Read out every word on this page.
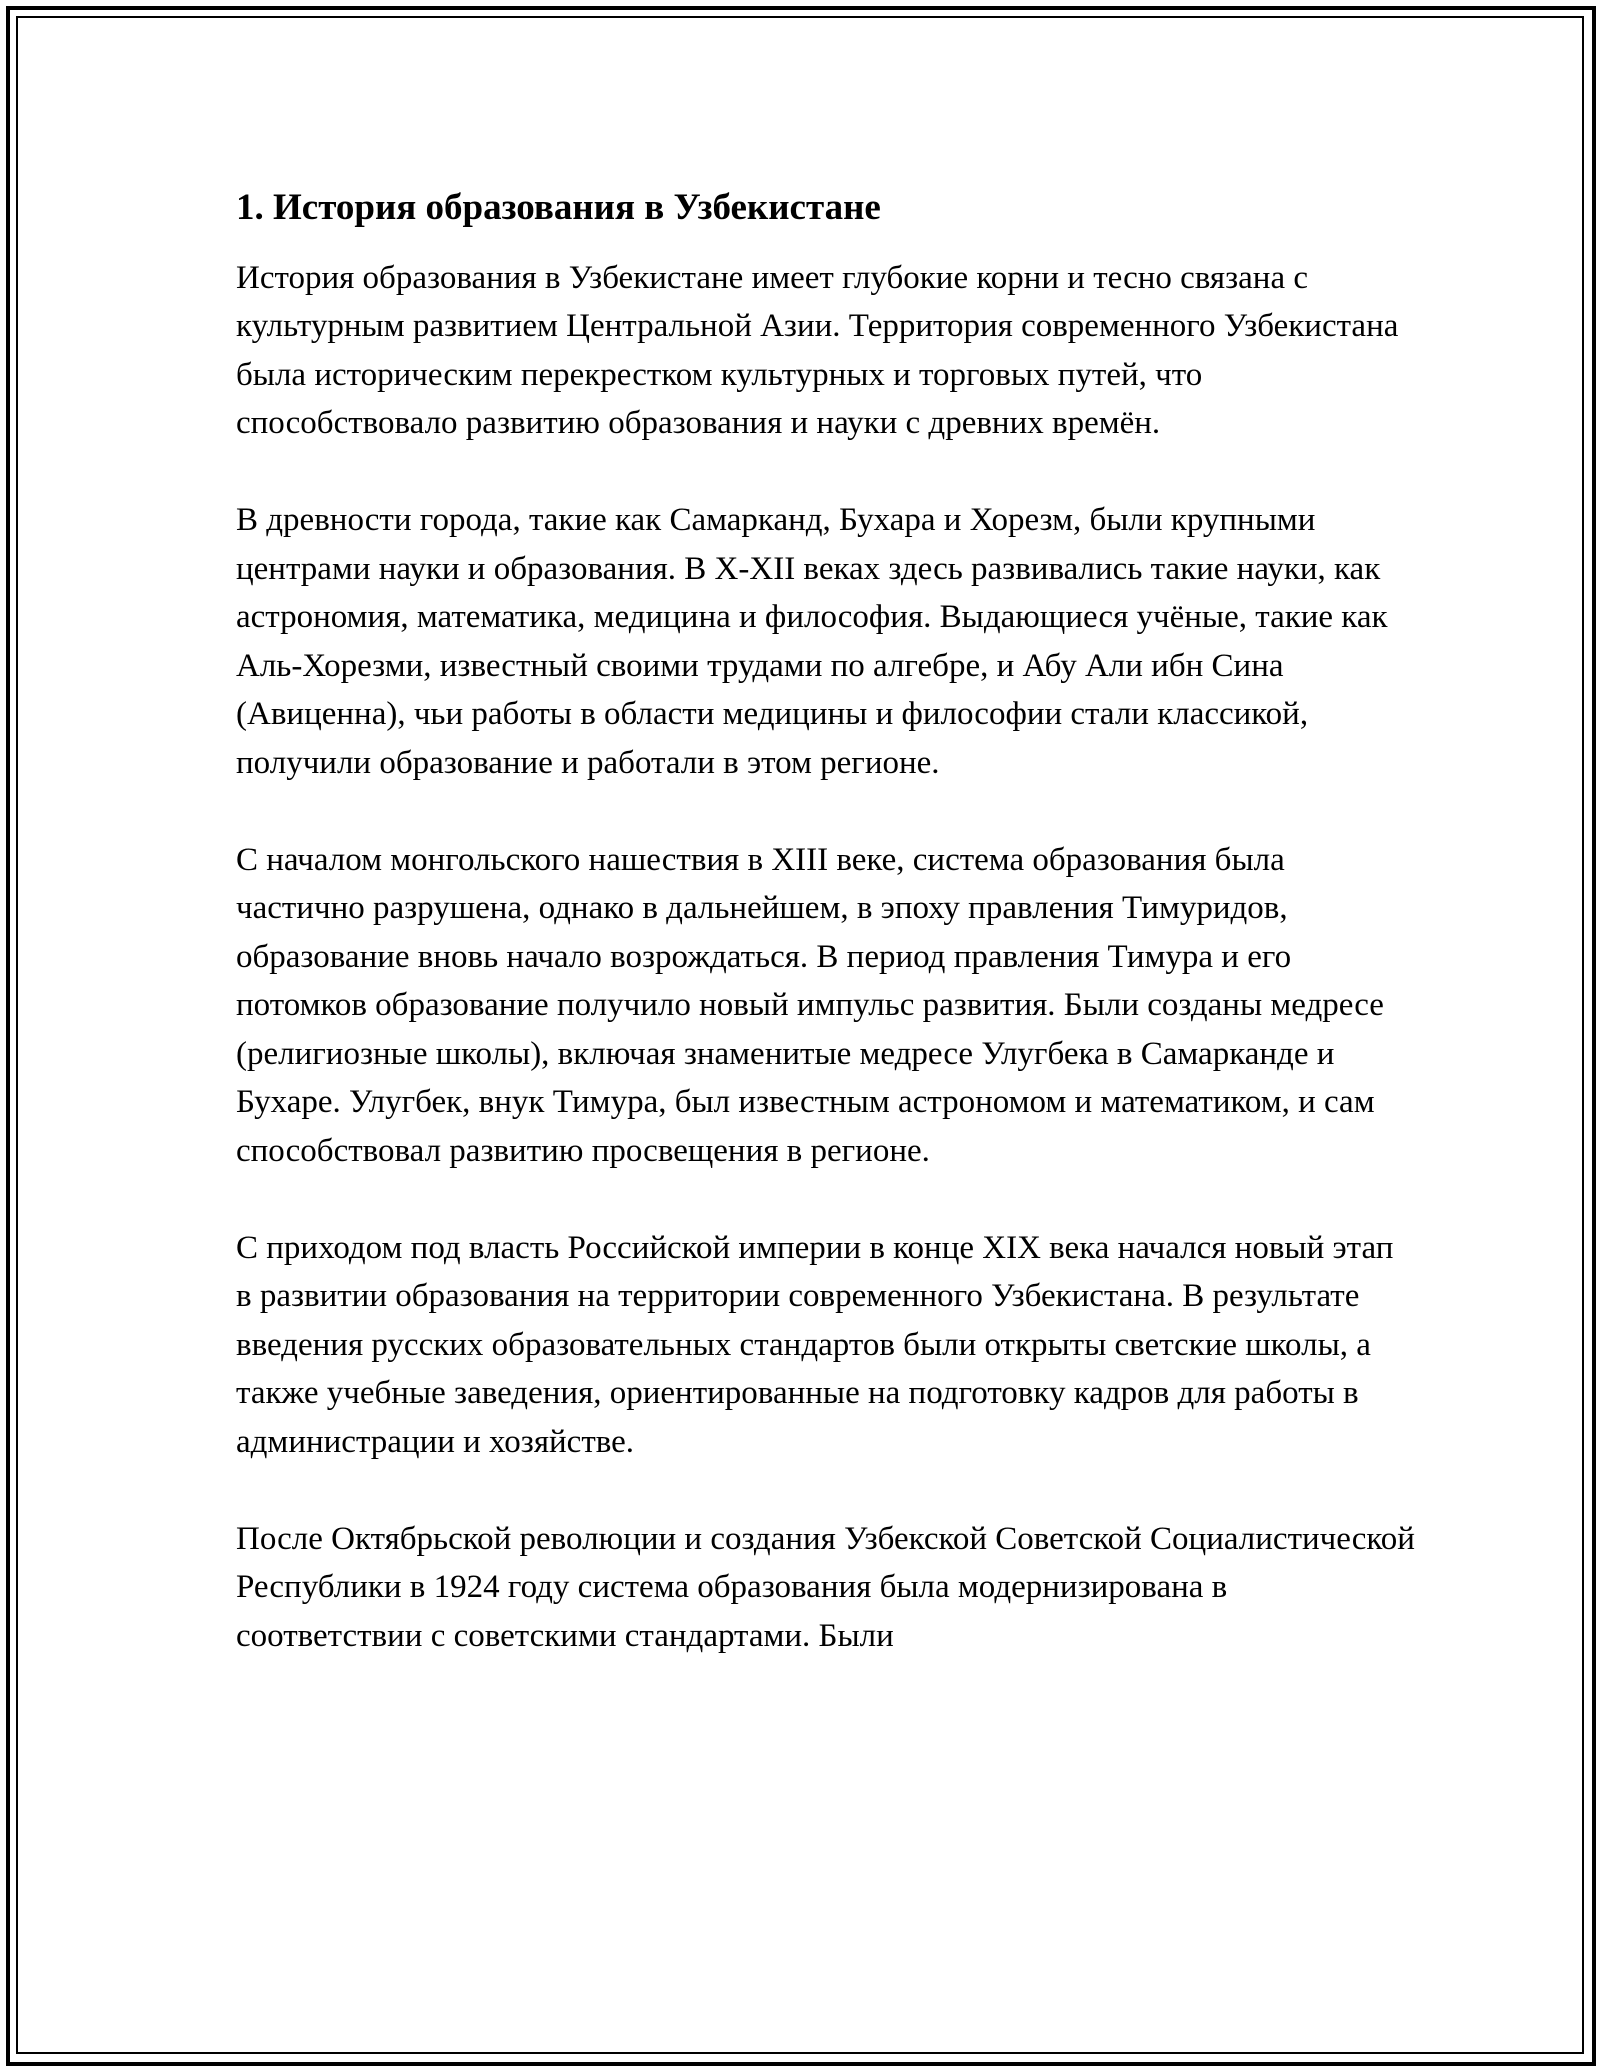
1. История образования в Узбекистане

История образования в Узбекистане имеет глубокие корни и тесно связана с культурным развитием Центральной Азии. Территория современного Узбекистана была историческим перекрестком культурных и торговых путей, что способствовало развитию образования и науки с древних времён.

В древности города, такие как Самарканд, Бухара и Хорезм, были крупными центрами науки и образования. В X-XII веках здесь развивались такие науки, как астрономия, математика, медицина и философия. Выдающиеся учёные, такие как Аль-Хорезми, известный своими трудами по алгебре, и Абу Али ибн Сина (Авиценна), чьи работы в области медицины и философии стали классикой, получили образование и работали в этом регионе.

С началом монгольского нашествия в XIII веке, система образования была частично разрушена, однако в дальнейшем, в эпоху правления Тимуридов, образование вновь начало возрождаться. В период правления Тимура и его потомков образование получило новый импульс развития. Были созданы медресе (религиозные школы), включая знаменитые медресе Улугбека в Самарканде и Бухаре. Улугбек, внук Тимура, был известным астрономом и математиком, и сам способствовал развитию просвещения в регионе.

С приходом под власть Российской империи в конце XIX века начался новый этап в развитии образования на территории современного Узбекистана. В результате введения русских образовательных стандартов были открыты светские школы, а также учебные заведения, ориентированные на подготовку кадров для работы в администрации и хозяйстве.

После Октябрьской революции и создания Узбекской Советской Социалистической Республики в 1924 году система образования была модернизирована в соответствии с советскими стандартами. Были
